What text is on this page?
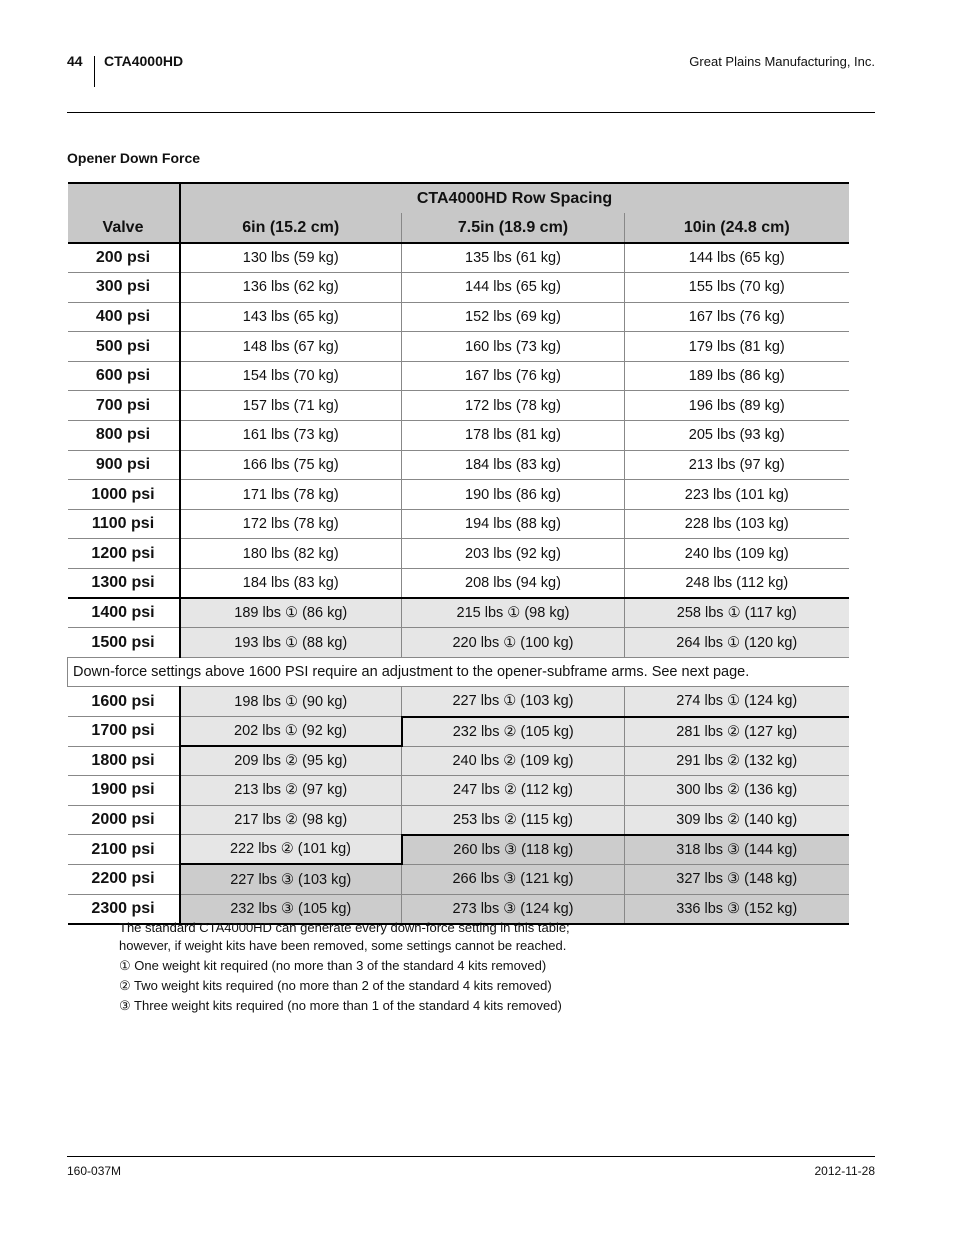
44 CTA4000HD	Great Plains Manufacturing, Inc.
Opener Down Force
	CTA4000HD Row Spacing		
Valve	6in (15.2 cm)	7.5in (18.9 cm)	10in (24.8 cm)
200 psi	130 lbs (59 kg)	135 lbs (61 kg)	144 lbs (65 kg)
300 psi	136 lbs (62 kg)	144 lbs (65 kg)	155 lbs (70 kg)
400 psi	143 lbs (65 kg)	152 lbs (69 kg)	167 lbs (76 kg)
500 psi	148 lbs (67 kg)	160 lbs (73 kg)	179 lbs (81 kg)
600 psi	154 lbs (70 kg)	167 lbs (76 kg)	189 lbs (86 kg)
700 psi	157 lbs (71 kg)	172 lbs (78 kg)	196 lbs (89 kg)
800 psi	161 lbs (73 kg)	178 lbs (81 kg)	205 lbs (93 kg)
900 psi	166 lbs (75 kg)	184 lbs (83 kg)	213 lbs (97 kg)
1000 psi	171 lbs (78 kg)	190 lbs (86 kg)	223 lbs (101 kg)
1100 psi	172 lbs (78 kg)	194 lbs (88 kg)	228 lbs (103 kg)
1200 psi	180 lbs (82 kg)	203 lbs (92 kg)	240 lbs (109 kg)
1300 psi	184 lbs (83 kg)	208 lbs (94 kg)	248 lbs (112 kg)
1400 psi	189 lbs ① (86 kg)	215 lbs ① (98 kg)	258 lbs ① (117 kg)
1500 psi	193 lbs ① (88 kg)	220 lbs ① (100 kg)	264 lbs ① (120 kg)
Down-force settings above 1600 PSI require an adjustment to the opener-subframe arms. See next page.			
1600 psi	198 lbs ① (90 kg)	227 lbs ① (103 kg)	274 lbs ① (124 kg)
1700 psi	202 lbs ① (92 kg)	232 lbs ② (105 kg)	281 lbs ② (127 kg)
1800 psi	209 lbs ② (95 kg)	240 lbs ② (109 kg)	291 lbs ② (132 kg)
1900 psi	213 lbs ② (97 kg)	247 lbs ② (112 kg)	300 lbs ② (136 kg)
2000 psi	217 lbs ② (98 kg)	253 lbs ② (115 kg)	309 lbs ② (140 kg)
2100 psi	222 lbs ② (101 kg)	260 lbs ③ (118 kg)	318 lbs ③ (144 kg)
2200 psi	227 lbs ③ (103 kg)	266 lbs ③ (121 kg)	327 lbs ③ (148 kg)
2300 psi	232 lbs ③ (105 kg)	273 lbs ③ (124 kg)	336 lbs ③ (152 kg)
The standard CTA4000HD can generate every down-force setting in this table;
however, if weight kits have been removed, some settings cannot be reached.
① One weight kit required (no more than 3 of the standard 4 kits removed)
② Two weight kits required (no more than 2 of the standard 4 kits removed)
③ Three weight kits required (no more than 1 of the standard 4 kits removed)
160-037M	2012-11-28
